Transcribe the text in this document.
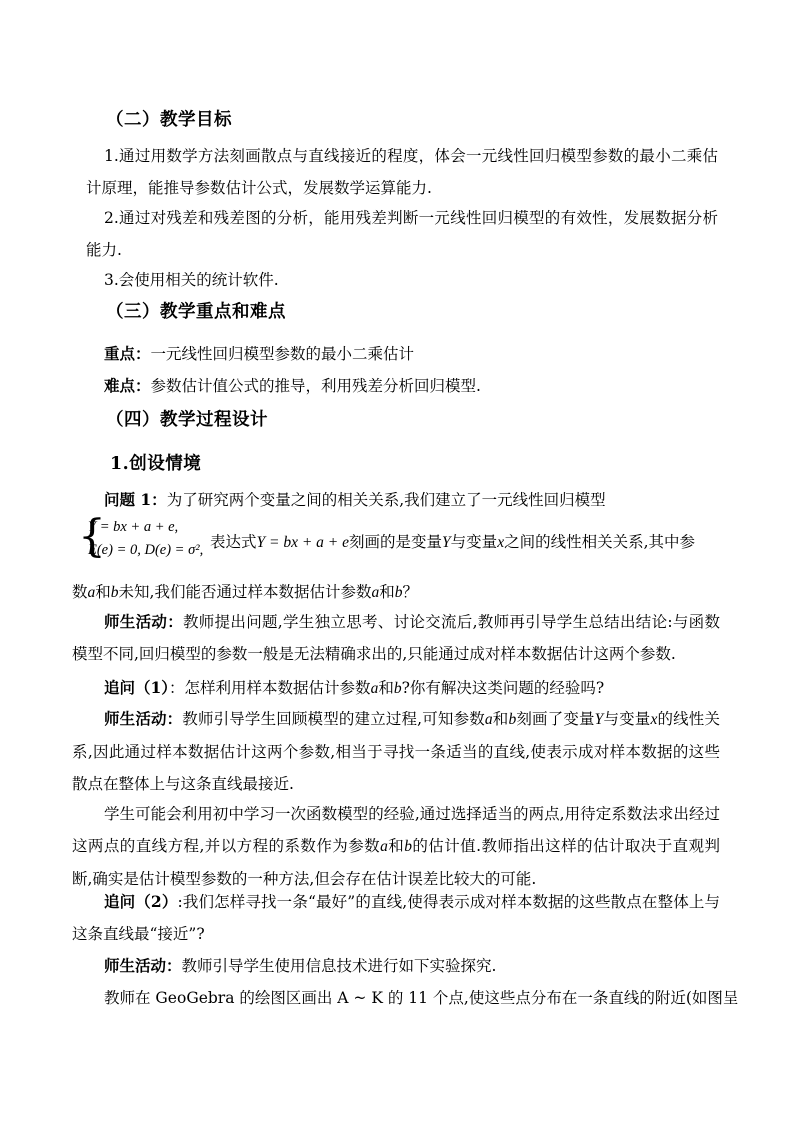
（二）教学目标
1.通过用数学方法刻画散点与直线接近的程度，体会一元线性回归模型参数的最小二乘估计原理，能推导参数估计公式，发展数学运算能力.
2.通过对残差和残差图的分析，能用残差判断一元线性回归模型的有效性，发展数据分析能力.
3.会使用相关的统计软件.
（三）教学重点和难点
重点：一元线性回归模型参数的最小二乘估计
难点：参数估计值公式的推导，利用残差分析回归模型.
（四）教学过程设计
1.创设情境
问题 1：为了研究两个变量之间的相关关系,我们建立了一元线性回归模型
{
Y = bx + a + e,
E(e) = 0, D(e) = σ², 表达式Y = bx + a + e刻画的是变量Y与变量x之间的线性相关关系,其中参
数a和b未知,我们能否通过样本数据估计参数a和b？
师生活动：教师提出问题,学生独立思考、讨论交流后,教师再引导学生总结出结论:与函数模型不同,回归模型的参数一般是无法精确求出的,只能通过成对样本数据估计这两个参数.
追问（1）：怎样利用样本数据估计参数a和b?你有解决这类问题的经验吗?
师生活动：教师引导学生回顾模型的建立过程,可知参数a和b刻画了变量Y与变量x的线性关系,因此通过样本数据估计这两个参数,相当于寻找一条适当的直线,使表示成对样本数据的这些散点在整体上与这条直线最接近.
学生可能会利用初中学习一次函数模型的经验,通过选择适当的两点,用待定系数法求出经过这两点的直线方程,并以方程的系数作为参数a和b的估计值.教师指出这样的估计取决于直观判断,确实是估计模型参数的一种方法,但会存在估计误差比较大的可能.
追问（2）:我们怎样寻找一条“最好”的直线,使得表示成对样本数据的这些散点在整体上与这条直线最“接近”?
师生活动：教师引导学生使用信息技术进行如下实验探究.
教师在 GeoGebra 的绘图区画出 A ~ K 的 11 个点,使这些点分布在一条直线的附近(如图呈
